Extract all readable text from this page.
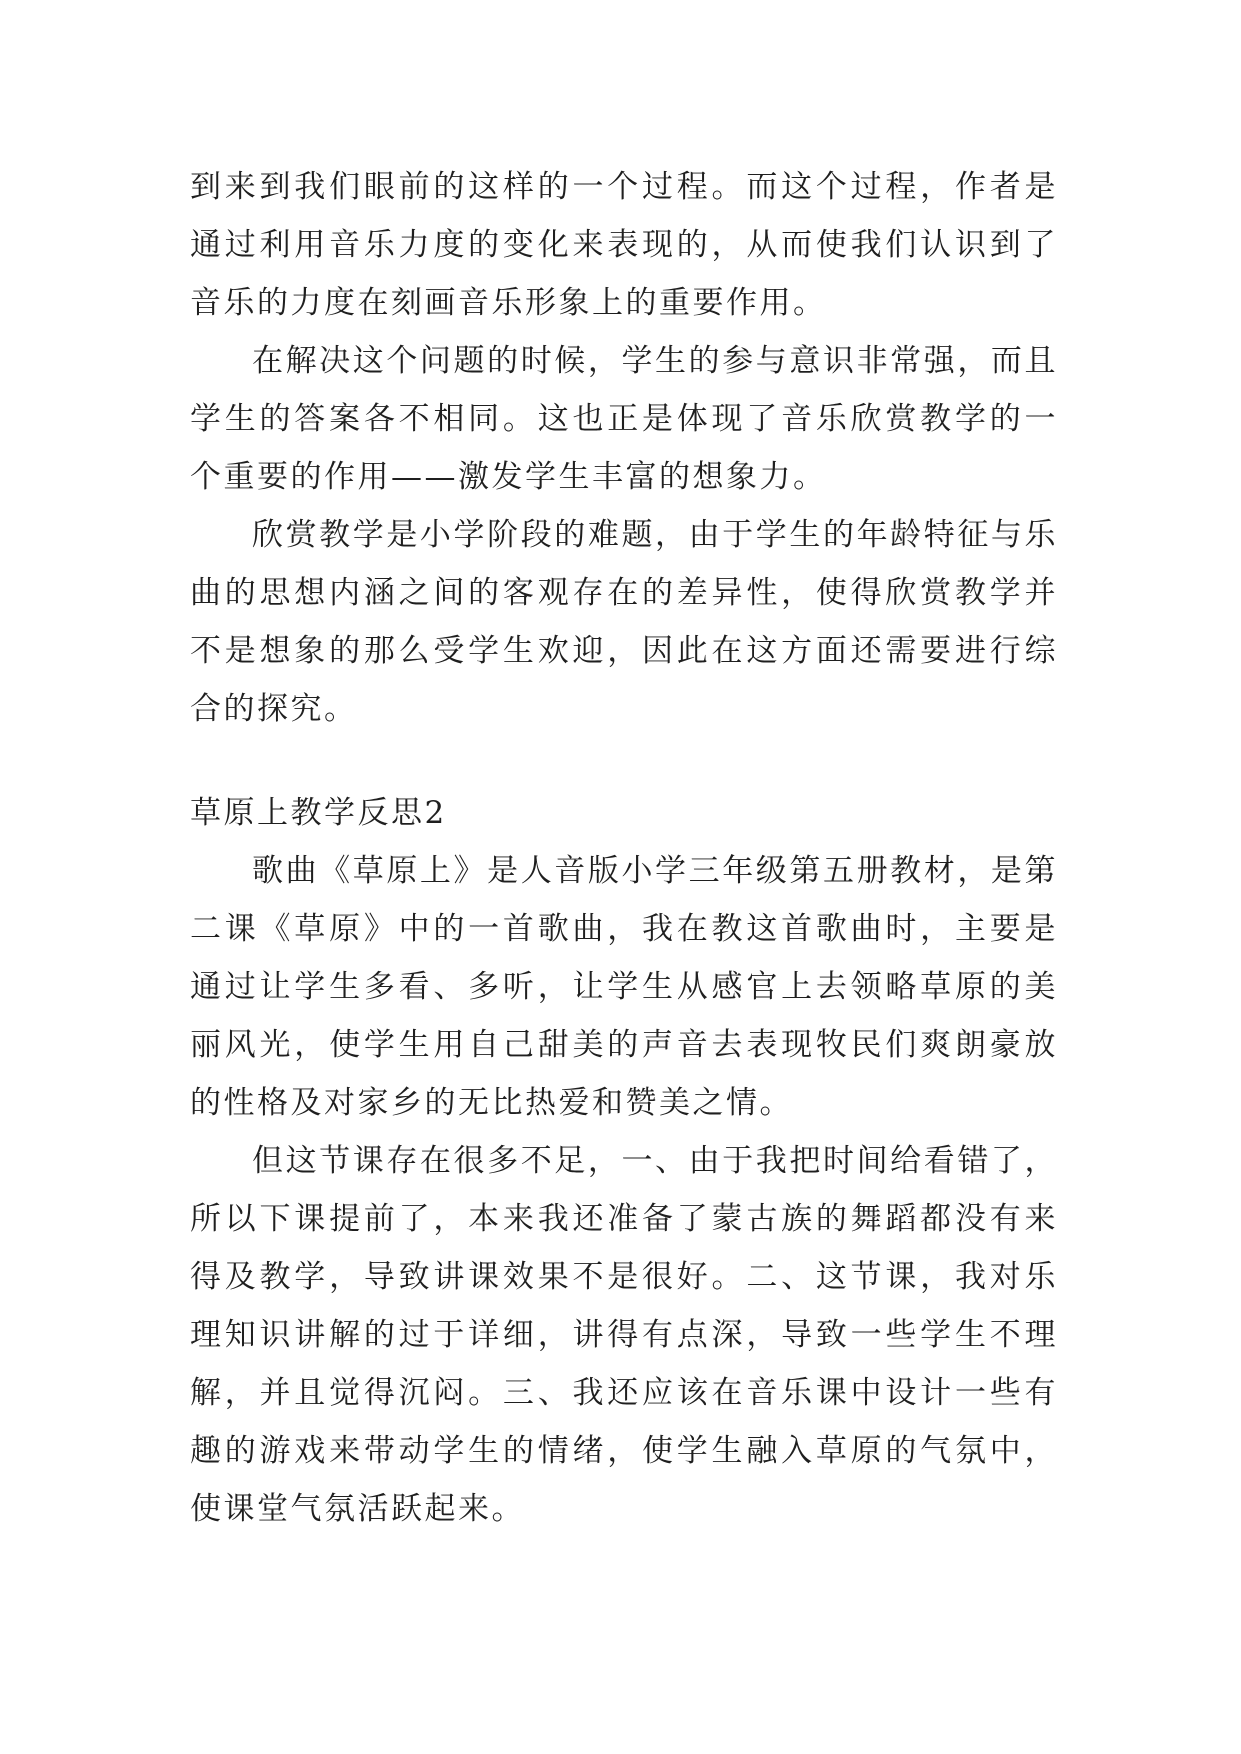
到来到我们眼前的这样的一个过程。而这个过程，作者是通过利用音乐力度的变化来表现的，从而使我们认识到了音乐的力度在刻画音乐形象上的重要作用。

在解决这个问题的时候，学生的参与意识非常强，而且学生的答案各不相同。这也正是体现了音乐欣赏教学的一个重要的作用——激发学生丰富的想象力。

欣赏教学是小学阶段的难题，由于学生的年龄特征与乐曲的思想内涵之间的客观存在的差异性，使得欣赏教学并不是想象的那么受学生欢迎，因此在这方面还需要进行综合的探究。

草原上教学反思2

歌曲《草原上》是人音版小学三年级第五册教材，是第二课《草原》中的一首歌曲，我在教这首歌曲时，主要是通过让学生多看、多听，让学生从感官上去领略草原的美丽风光，使学生用自己甜美的声音去表现牧民们爽朗豪放的性格及对家乡的无比热爱和赞美之情。

但这节课存在很多不足，一、由于我把时间给看错了，所以下课提前了，本来我还准备了蒙古族的舞蹈都没有来得及教学，导致讲课效果不是很好。二、这节课，我对乐理知识讲解的过于详细，讲得有点深，导致一些学生不理解，并且觉得沉闷。三、我还应该在音乐课中设计一些有趣的游戏来带动学生的情绪，使学生融入草原的气氛中，使课堂气氛活跃起来。
